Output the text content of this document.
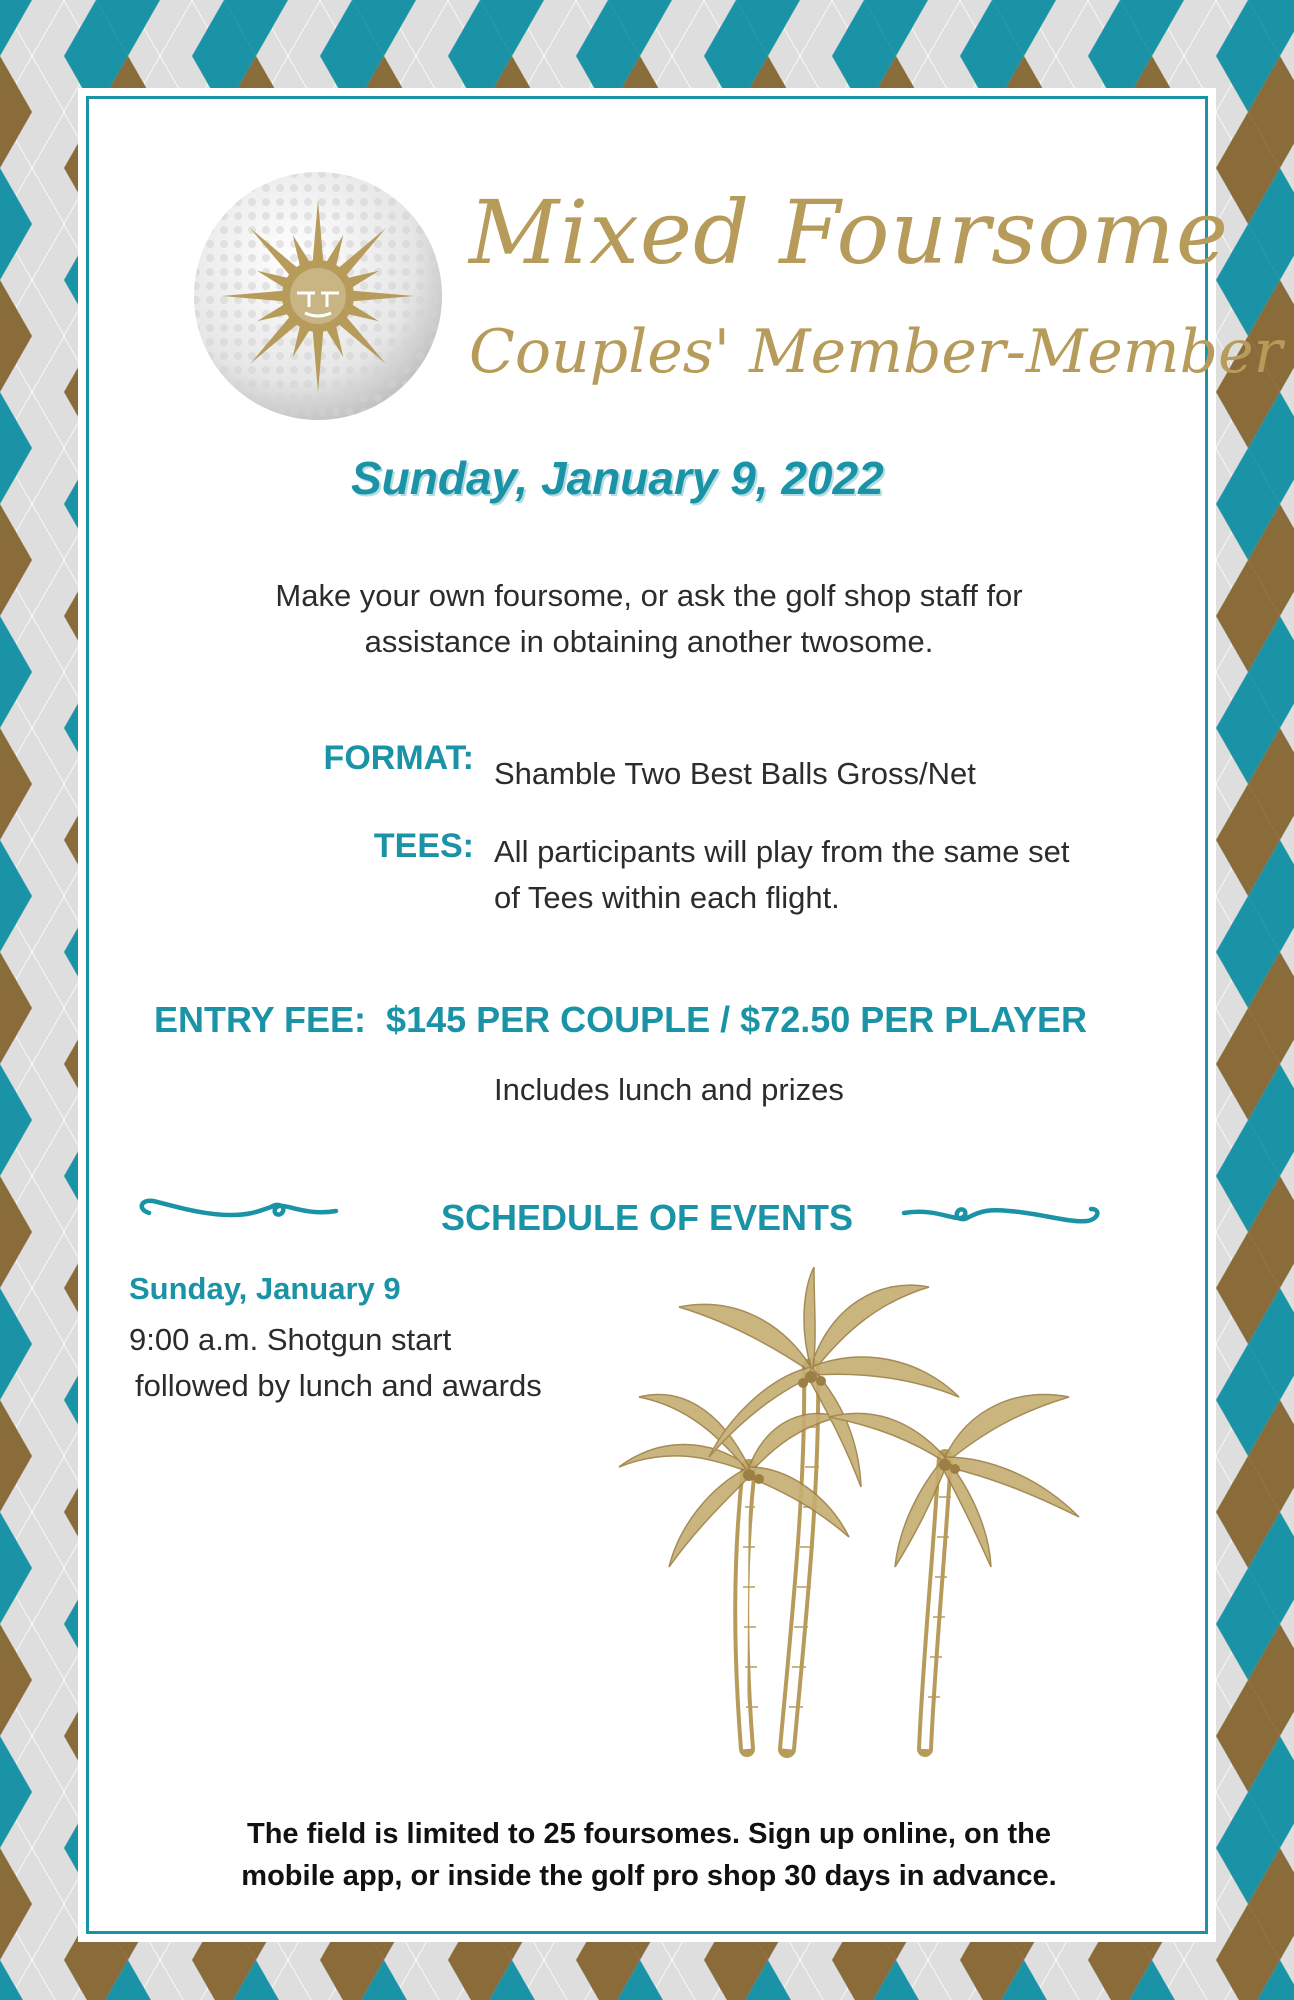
Mixed Foursome
Couples' Member-Member
Sunday, January 9, 2022
Make your own foursome, or ask the golf shop staff for
assistance in obtaining another twosome.
FORMAT: Shamble Two Best Balls Gross/Net
TEES: All participants will play from the same set
of Tees within each flight.
ENTRY FEE: $145 PER COUPLE / $72.50 PER PLAYER
Includes lunch and prizes
SCHEDULE OF EVENTS
Sunday, January 9
9:00 a.m. Shotgun start
followed by lunch and awards
The field is limited to 25 foursomes. Sign up online, on the
mobile app, or inside the golf pro shop 30 days in advance.
